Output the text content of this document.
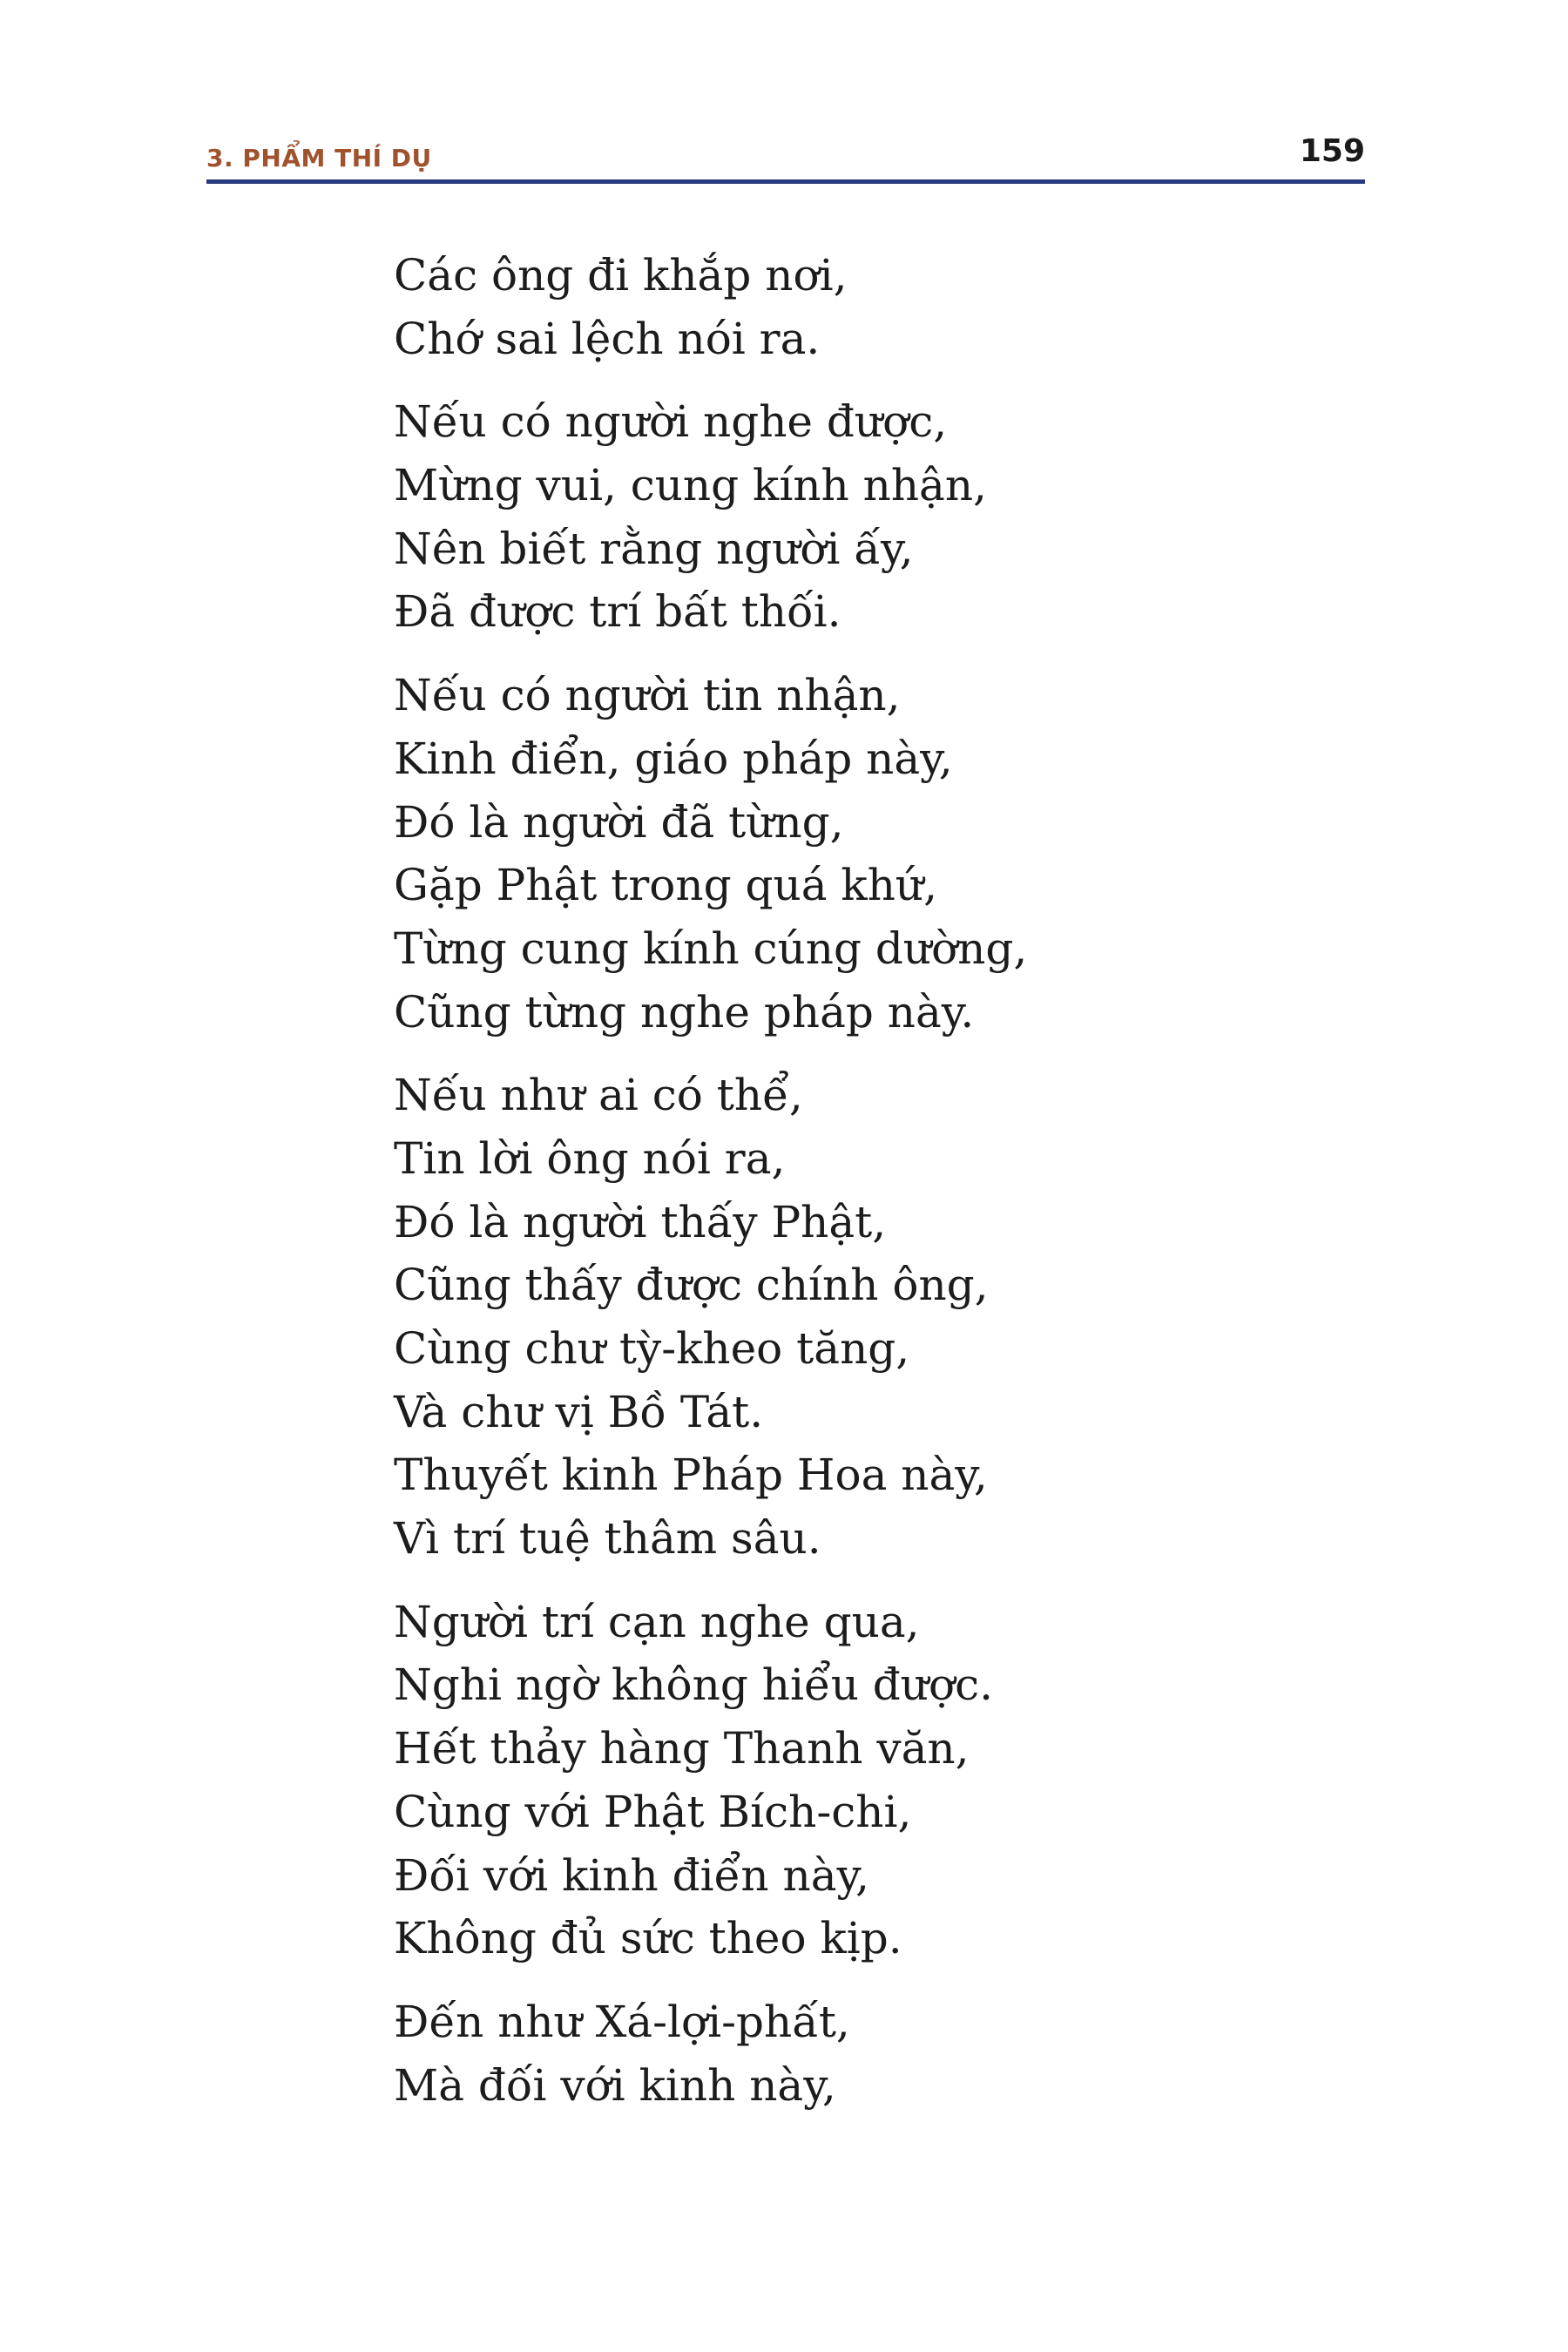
3. PHẨM THÍ DỤ	159
Các ông đi khắp nơi,
Chớ sai lệch nói ra.
Nếu có người nghe được,
Mừng vui, cung kính nhận,
Nên biết rằng người ấy,
Đã được trí bất thối.
Nếu có người tin nhận,
Kinh điển, giáo pháp này,
Đó là người đã từng,
Gặp Phật trong quá khứ,
Từng cung kính cúng dường,
Cũng từng nghe pháp này.
Nếu như ai có thể,
Tin lời ông nói ra,
Đó là người thấy Phật,
Cũng thấy được chính ông,
Cùng chư tỳ-kheo tăng,
Và chư vị Bồ Tát.
Thuyết kinh Pháp Hoa này,
Vì trí tuệ thâm sâu.
Người trí cạn nghe qua,
Nghi ngờ không hiểu được.
Hết thảy hàng Thanh văn,
Cùng với Phật Bích-chi,
Đối với kinh điển này,
Không đủ sức theo kịp.
Đến như Xá-lợi-phất,
Mà đối với kinh này,
